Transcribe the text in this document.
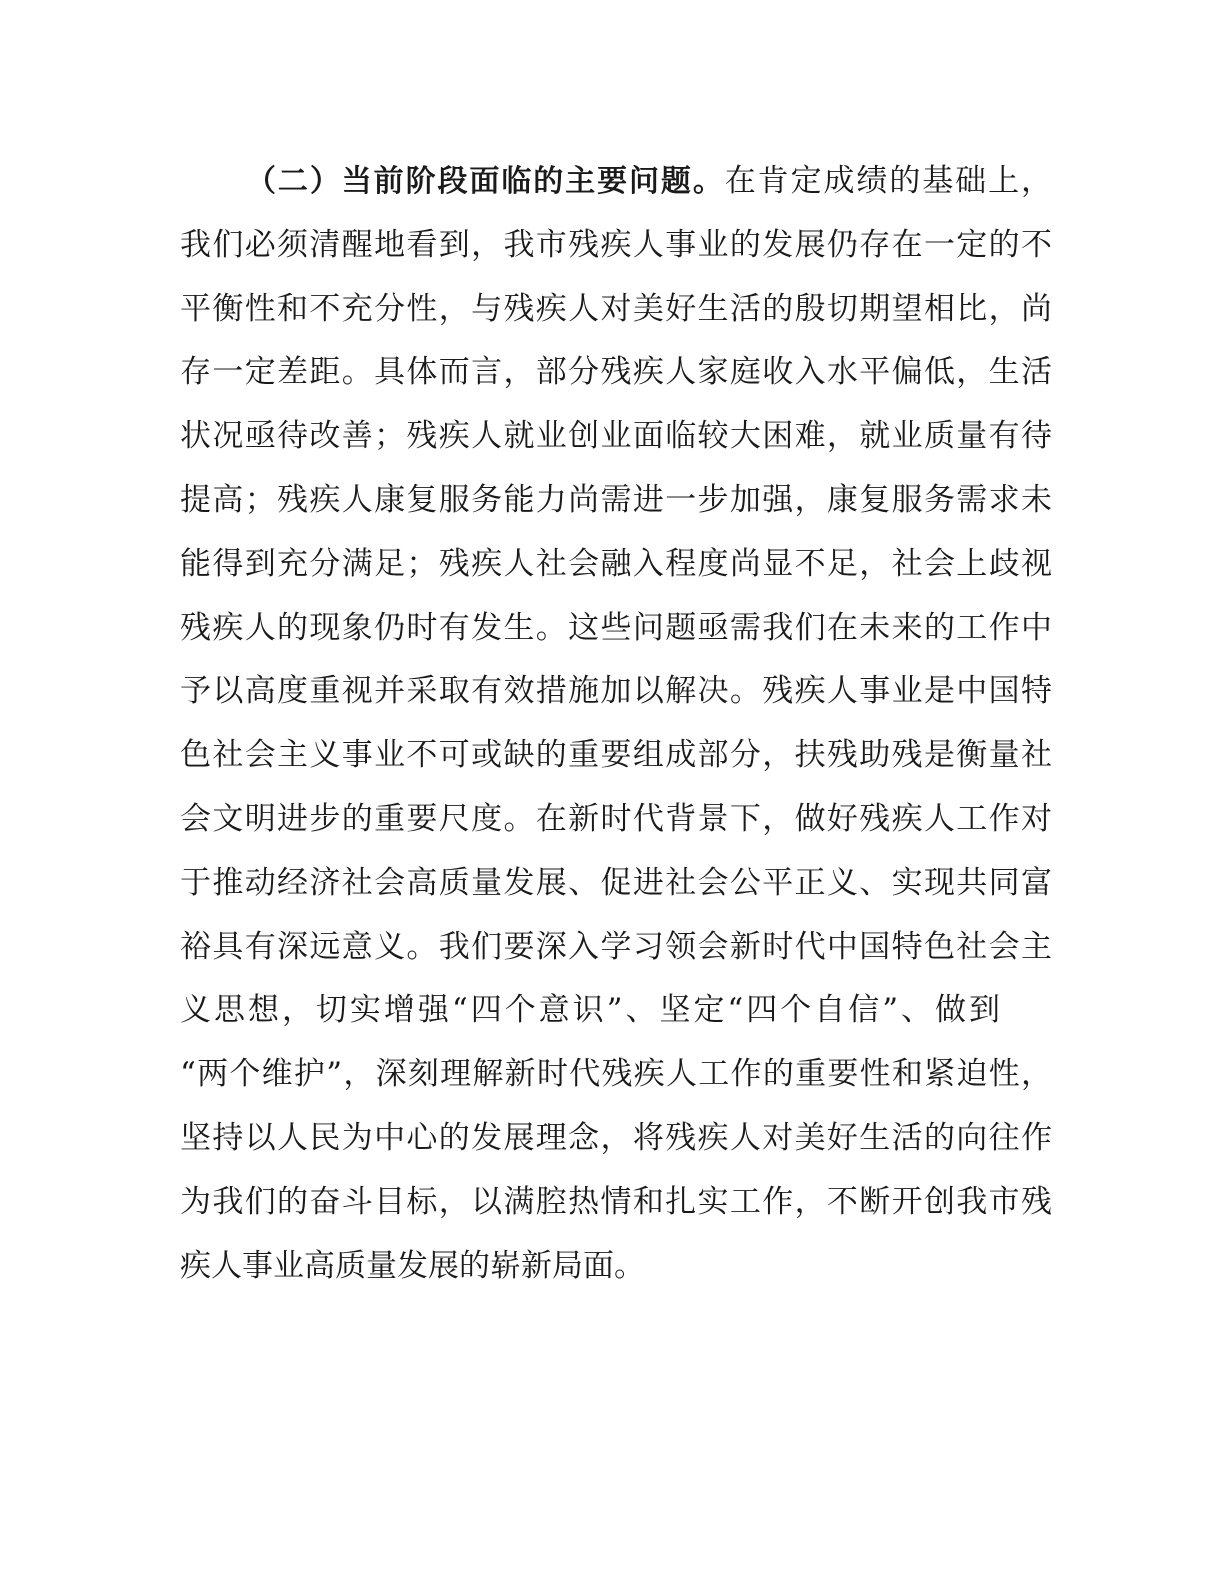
（二）当前阶段面临的主要问题。在肯定成绩的基础上，
我们必须清醒地看到，我市残疾人事业的发展仍存在一定的不
平衡性和不充分性，与残疾人对美好生活的殷切期望相比，尚
存一定差距。具体而言，部分残疾人家庭收入水平偏低，生活
状况亟待改善；残疾人就业创业面临较大困难，就业质量有待
提高；残疾人康复服务能力尚需进一步加强，康复服务需求未
能得到充分满足；残疾人社会融入程度尚显不足，社会上歧视
残疾人的现象仍时有发生。这些问题亟需我们在未来的工作中
予以高度重视并采取有效措施加以解决。残疾人事业是中国特
色社会主义事业不可或缺的重要组成部分，扶残助残是衡量社
会文明进步的重要尺度。在新时代背景下，做好残疾人工作对
于推动经济社会高质量发展、促进社会公平正义、实现共同富
裕具有深远意义。我们要深入学习领会新时代中国特色社会主
义思想，切实增强“四个意识”、坚定“四个自信”、做到
“两个维护”，深刻理解新时代残疾人工作的重要性和紧迫性，
坚持以人民为中心的发展理念，将残疾人对美好生活的向往作
为我们的奋斗目标，以满腔热情和扎实工作，不断开创我市残
疾人事业高质量发展的崭新局面。
